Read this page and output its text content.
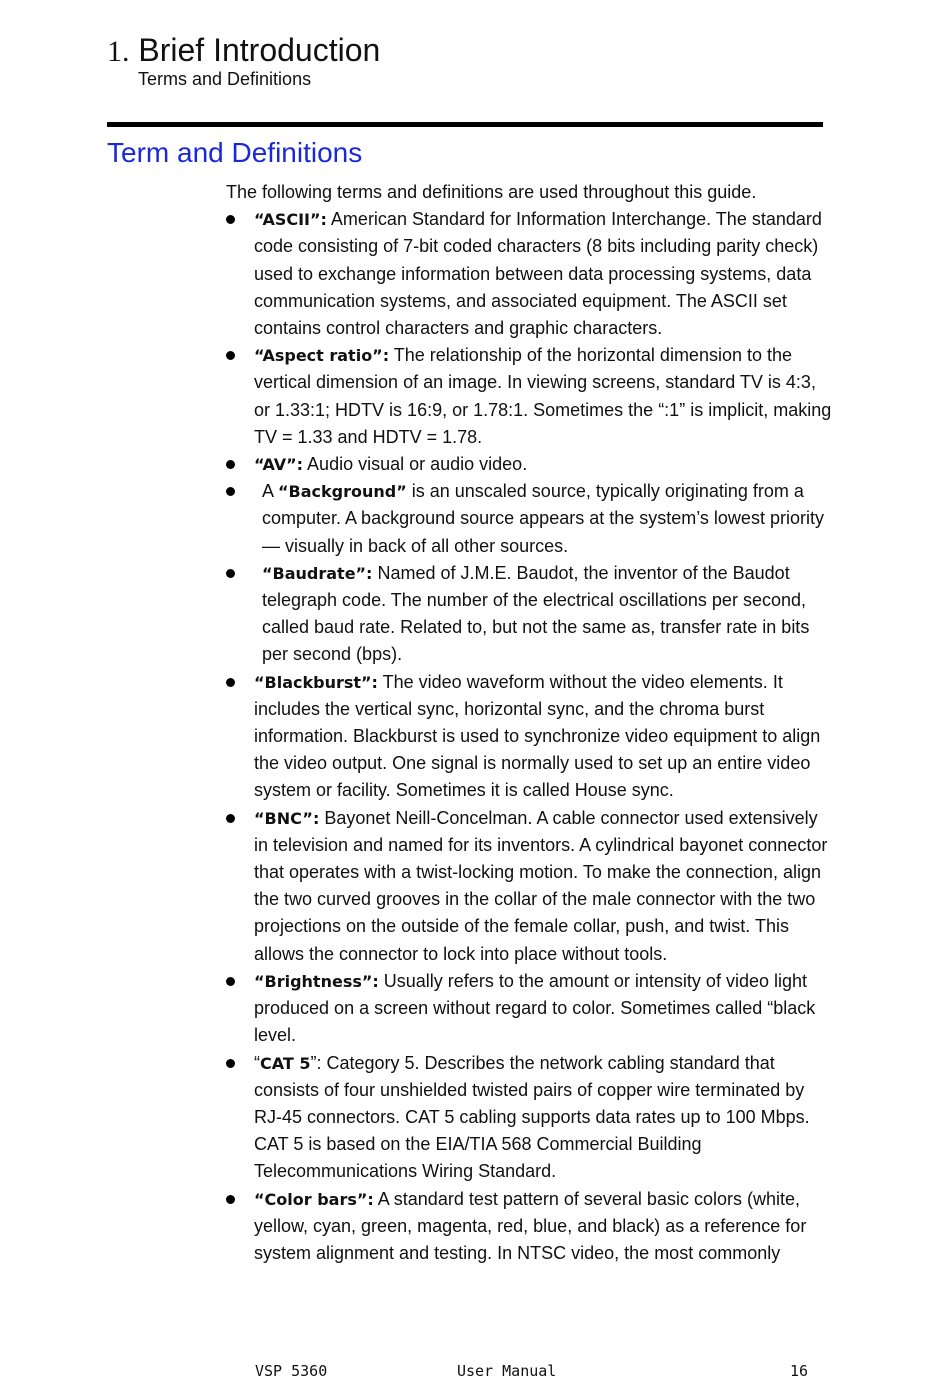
1. Brief Introduction
Terms and Definitions
Term and Definitions

The following terms and definitions are used throughout this guide.

“ASCII”: American Standard for Information Interchange. The standard code consisting of 7-bit coded characters (8 bits including parity check) used to exchange information between data processing systems, data communication systems, and associated equipment. The ASCII set contains control characters and graphic characters.
“Aspect ratio”: The relationship of the horizontal dimension to the vertical dimension of an image. In viewing screens, standard TV is 4:3, or 1.33:1; HDTV is 16:9, or 1.78:1. Sometimes the “:1” is implicit, making TV = 1.33 and HDTV = 1.78.
“AV”: Audio visual or audio video.
A “Background” is an unscaled source, typically originating from a computer. A background source appears at the system’s lowest priority — visually in back of all other sources.
“Baudrate”: Named of J.M.E. Baudot, the inventor of the Baudot telegraph code. The number of the electrical oscillations per second, called baud rate. Related to, but not the same as, transfer rate in bits per second (bps).
“Blackburst”: The video waveform without the video elements. It includes the vertical sync, horizontal sync, and the chroma burst information. Blackburst is used to synchronize video equipment to align the video output. One signal is normally used to set up an entire video system or facility. Sometimes it is called House sync.
“BNC”: Bayonet Neill-Concelman. A cable connector used extensively in television and named for its inventors. A cylindrical bayonet connector that operates with a twist-locking motion. To make the connection, align the two curved grooves in the collar of the male connector with the two projections on the outside of the female collar, push, and twist. This allows the connector to lock into place without tools.
“Brightness”: Usually refers to the amount or intensity of video light produced on a screen without regard to color. Sometimes called “black level.
“CAT 5”: Category 5. Describes the network cabling standard that consists of four unshielded twisted pairs of copper wire terminated by RJ-45 connectors. CAT 5 cabling supports data rates up to 100 Mbps. CAT 5 is based on the EIA/TIA 568 Commercial Building Telecommunications Wiring Standard.
“Color bars”: A standard test pattern of several basic colors (white, yellow, cyan, green, magenta, red, blue, and black) as a reference for system alignment and testing. In NTSC video, the most commonly
VSP 5360	User Manual	16
